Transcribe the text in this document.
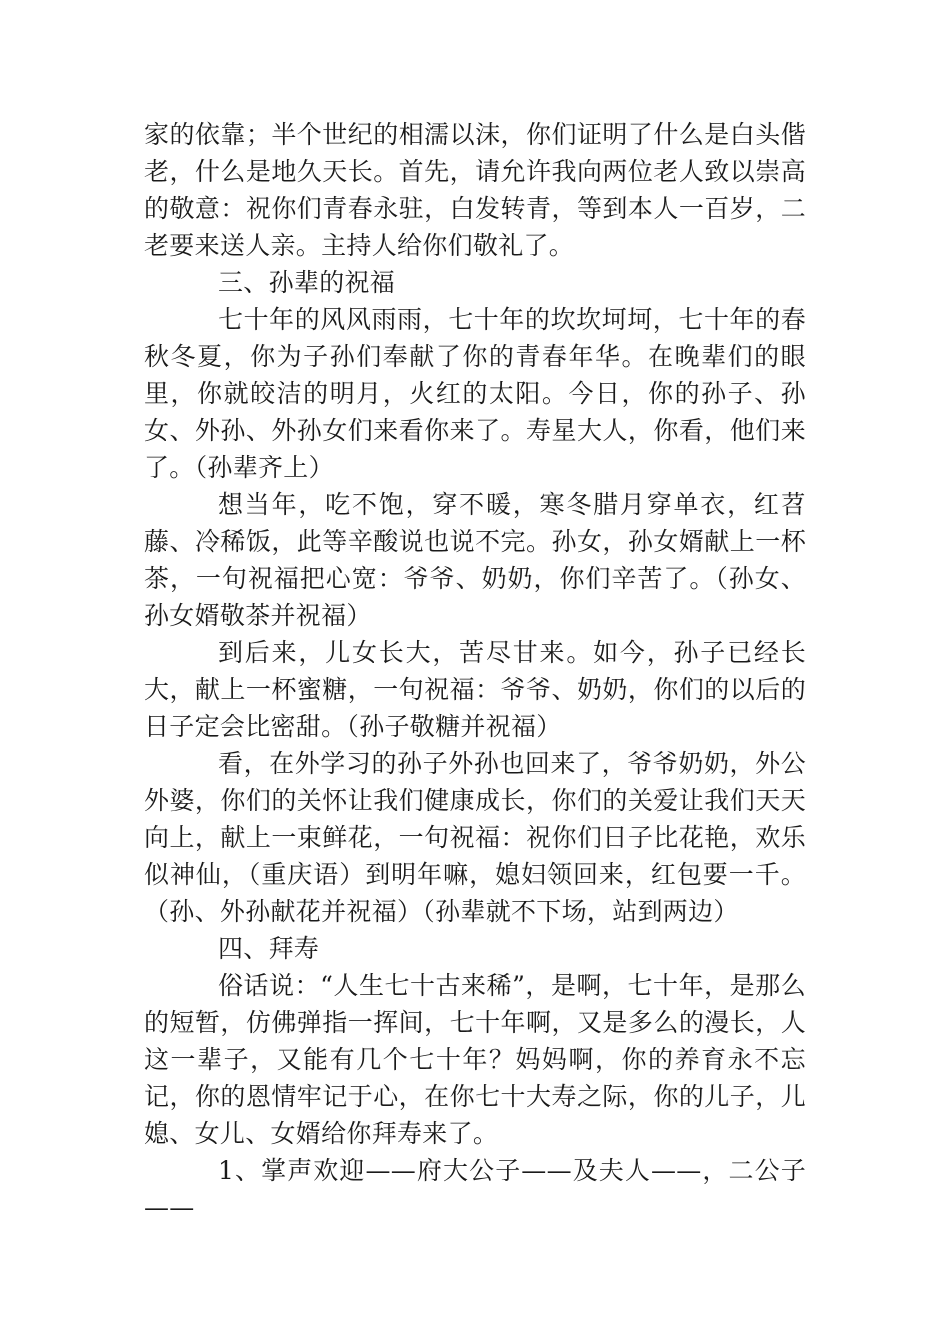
家的依靠；半个世纪的相濡以沫，你们证明了什么是白头偕老，什么是地久天长。首先，请允许我向两位老人致以崇高的敬意：祝你们青春永驻，白发转青，等到本人一百岁，二老要来送人亲。主持人给你们敬礼了。

三、孙辈的祝福

七十年的风风雨雨，七十年的坎坎坷坷，七十年的春秋冬夏，你为子孙们奉献了你的青春年华。在晚辈们的眼里，你就皎洁的明月，火红的太阳。今日，你的孙子、孙女、外孙、外孙女们来看你来了。寿星大人，你看，他们来了。（孙辈齐上）

想当年，吃不饱，穿不暖，寒冬腊月穿单衣，红苕藤、冷稀饭，此等辛酸说也说不完。孙女，孙女婿献上一杯茶，一句祝福把心宽：爷爷、奶奶，你们辛苦了。（孙女、孙女婿敬茶并祝福）

到后来，儿女长大，苦尽甘来。如今，孙子已经长大，献上一杯蜜糖，一句祝福：爷爷、奶奶，你们的以后的日子定会比密甜。（孙子敬糖并祝福）

看，在外学习的孙子外孙也回来了，爷爷奶奶，外公外婆，你们的关怀让我们健康成长，你们的关爱让我们天天向上，献上一束鲜花，一句祝福：祝你们日子比花艳，欢乐似神仙，（重庆语）到明年嘛，媳妇领回来，红包要一千。（孙、外孙献花并祝福）（孙辈就不下场，站到两边）

四、拜寿

俗话说：“人生七十古来稀”，是啊，七十年，是那么的短暂，仿佛弹指一挥间，七十年啊，又是多么的漫长，人这一辈子，又能有几个七十年？妈妈啊，你的养育永不忘记，你的恩情牢记于心，在你七十大寿之际，你的儿子，儿媳、女儿、女婿给你拜寿来了。

1、掌声欢迎——府大公子——及夫人——，二公子——
